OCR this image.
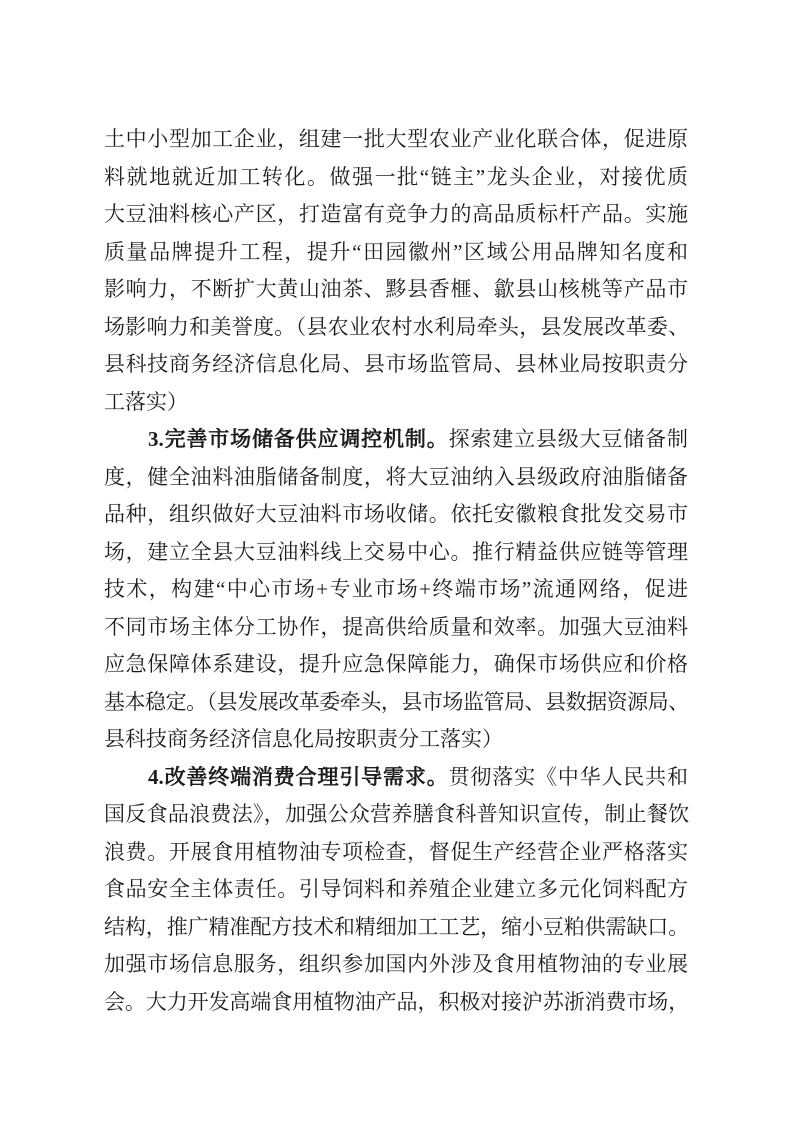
土中小型加工企业，组建一批大型农业产业化联合体，促进原
料就地就近加工转化。做强一批“链主”龙头企业，对接优质
大豆油料核心产区，打造富有竞争力的高品质标杆产品。实施
质量品牌提升工程，提升“田园徽州”区域公用品牌知名度和
影响力，不断扩大黄山油茶、黟县香榧、歙县山核桃等产品市
场影响力和美誉度。（县农业农村水利局牵头，县发展改革委、
县科技商务经济信息化局、县市场监管局、县林业局按职责分
工落实）
3.完善市场储备供应调控机制。探索建立县级大豆储备制
度，健全油料油脂储备制度，将大豆油纳入县级政府油脂储备
品种，组织做好大豆油料市场收储。依托安徽粮食批发交易市
场，建立全县大豆油料线上交易中心。推行精益供应链等管理
技术，构建“中心市场+专业市场+终端市场”流通网络，促进
不同市场主体分工协作，提高供给质量和效率。加强大豆油料
应急保障体系建设，提升应急保障能力，确保市场供应和价格
基本稳定。（县发展改革委牵头，县市场监管局、县数据资源局、
县科技商务经济信息化局按职责分工落实）
4.改善终端消费合理引导需求。贯彻落实《中华人民共和
国反食品浪费法》，加强公众营养膳食科普知识宣传，制止餐饮
浪费。开展食用植物油专项检查，督促生产经营企业严格落实
食品安全主体责任。引导饲料和养殖企业建立多元化饲料配方
结构，推广精准配方技术和精细加工工艺，缩小豆粕供需缺口。
加强市场信息服务，组织参加国内外涉及食用植物油的专业展
会。大力开发高端食用植物油产品，积极对接沪苏浙消费市场，
